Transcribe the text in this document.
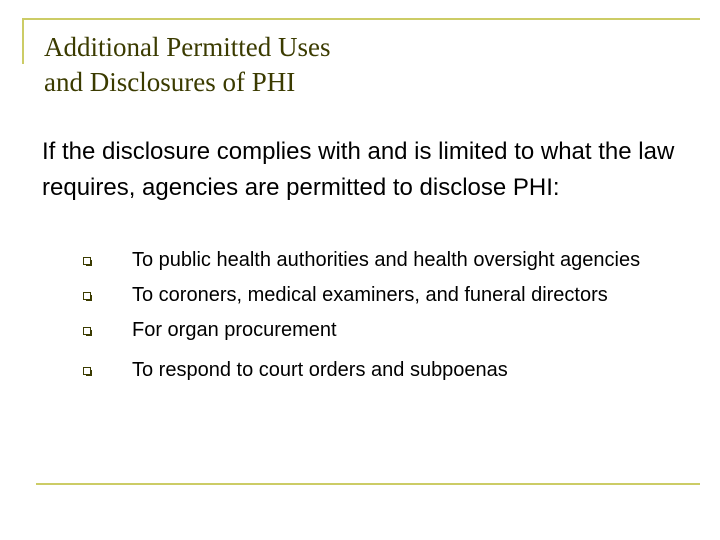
Additional Permitted Uses
and Disclosures of PHI

If the disclosure complies with and is limited to what the law requires, agencies are permitted to disclose PHI:

To public health authorities and health oversight agencies
To coroners, medical examiners, and funeral directors
For organ procurement
To respond to court orders and subpoenas
